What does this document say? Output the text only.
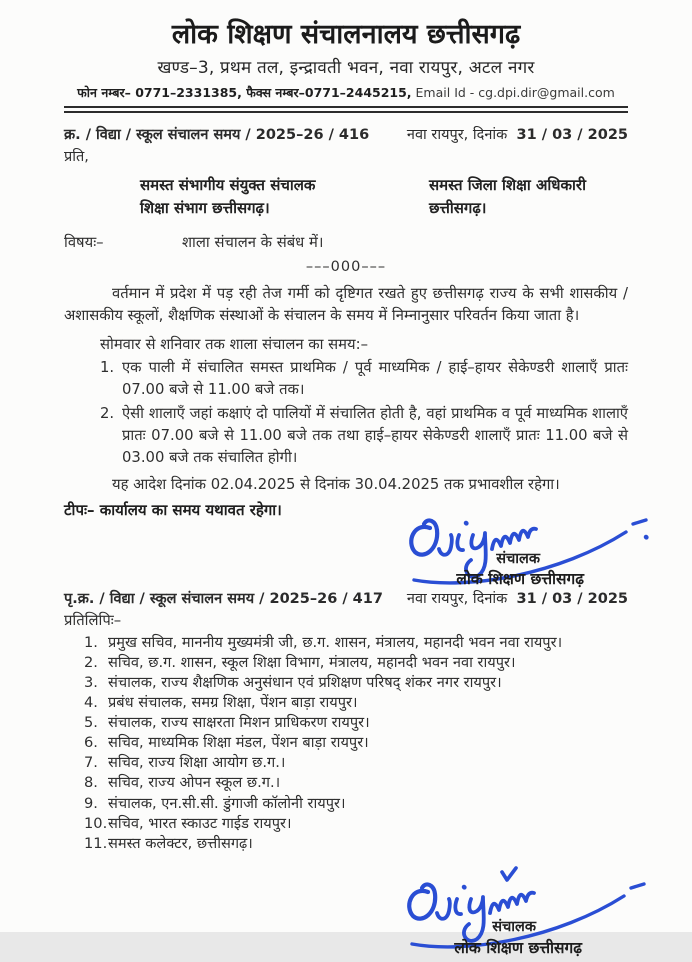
लोक शिक्षण संचालनालय छत्तीसगढ़
खण्ड–3, प्रथम तल, इन्द्रावती भवन, नवा रायपुर, अटल नगर
फोन नम्बर– 0771–2331385, फैक्स नम्बर–0771–2445215, Email Id - cg.dpi.dir@gmail.com
क्र. / विद्या / स्कूल संचालन समय / 2025–26 / 416	नवा रायपुर, दिनांक 31 / 03 / 2025
प्रति,
समस्त संभागीय संयुक्त संचालक
शिक्षा संभाग छत्तीसगढ़।
समस्त जिला शिक्षा अधिकारी
छत्तीसगढ़।
विषयः–	शाला संचालन के संबंध में।
–––000–––
वर्तमान में प्रदेश में पड़ रही तेज गर्मी को दृष्टिगत रखते हुए छत्तीसगढ़ राज्य के सभी शासकीय / अशासकीय स्कूलों, शैक्षणिक संस्थाओं के संचालन के समय में निम्नानुसार परिवर्तन किया जाता है।
सोमवार से शनिवार तक शाला संचालन का समय:–
1. एक पाली में संचालित समस्त प्राथमिक / पूर्व माध्यमिक / हाई–हायर सेकेण्डरी शालाएँ प्रातः 07.00 बजे से 11.00 बजे तक।
2. ऐसी शालाएँ जहां कक्षाएं दो पालियों में संचालित होती है, वहां प्राथमिक व पूर्व माध्यमिक शालाएँ प्रातः 07.00 बजे से 11.00 बजे तक तथा हाई–हायर सेकेण्डरी शालाएँ प्रातः 11.00 बजे से 03.00 बजे तक संचालित होगी।
यह आदेश दिनांक 02.04.2025 से दिनांक 30.04.2025 तक प्रभावशील रहेगा।
टीपः– कार्यालय का समय यथावत रहेगा।
संचालक
लोक शिक्षण छत्तीसगढ़
पृ.क्र. / विद्या / स्कूल संचालन समय / 2025–26 / 417 नवा रायपुर, दिनांक 31 / 03 / 2025
प्रतिलिपिः–
1. प्रमुख सचिव, माननीय मुख्यमंत्री जी, छ.ग. शासन, मंत्रालय, महानदी भवन नवा रायपुर।
2. सचिव, छ.ग. शासन, स्कूल शिक्षा विभाग, मंत्रालय, महानदी भवन नवा रायपुर।
3. संचालक, राज्य शैक्षणिक अनुसंधान एवं प्रशिक्षण परिषद् शंकर नगर रायपुर।
4. प्रबंध संचालक, समग्र शिक्षा, पेंशन बाड़ा रायपुर।
5. संचालक, राज्य साक्षरता मिशन प्राधिकरण रायपुर।
6. सचिव, माध्यमिक शिक्षा मंडल, पेंशन बाड़ा रायपुर।
7. सचिव, राज्य शिक्षा आयोग छ.ग.।
8. सचिव, राज्य ओपन स्कूल छ.ग.।
9. संचालक, एन.सी.सी. डुंगाजी कॉलोनी रायपुर।
10. सचिव, भारत स्काउट गाईड रायपुर।
11. समस्त कलेक्टर, छत्तीसगढ़।
संचालक
लोक शिक्षण छत्तीसगढ़
